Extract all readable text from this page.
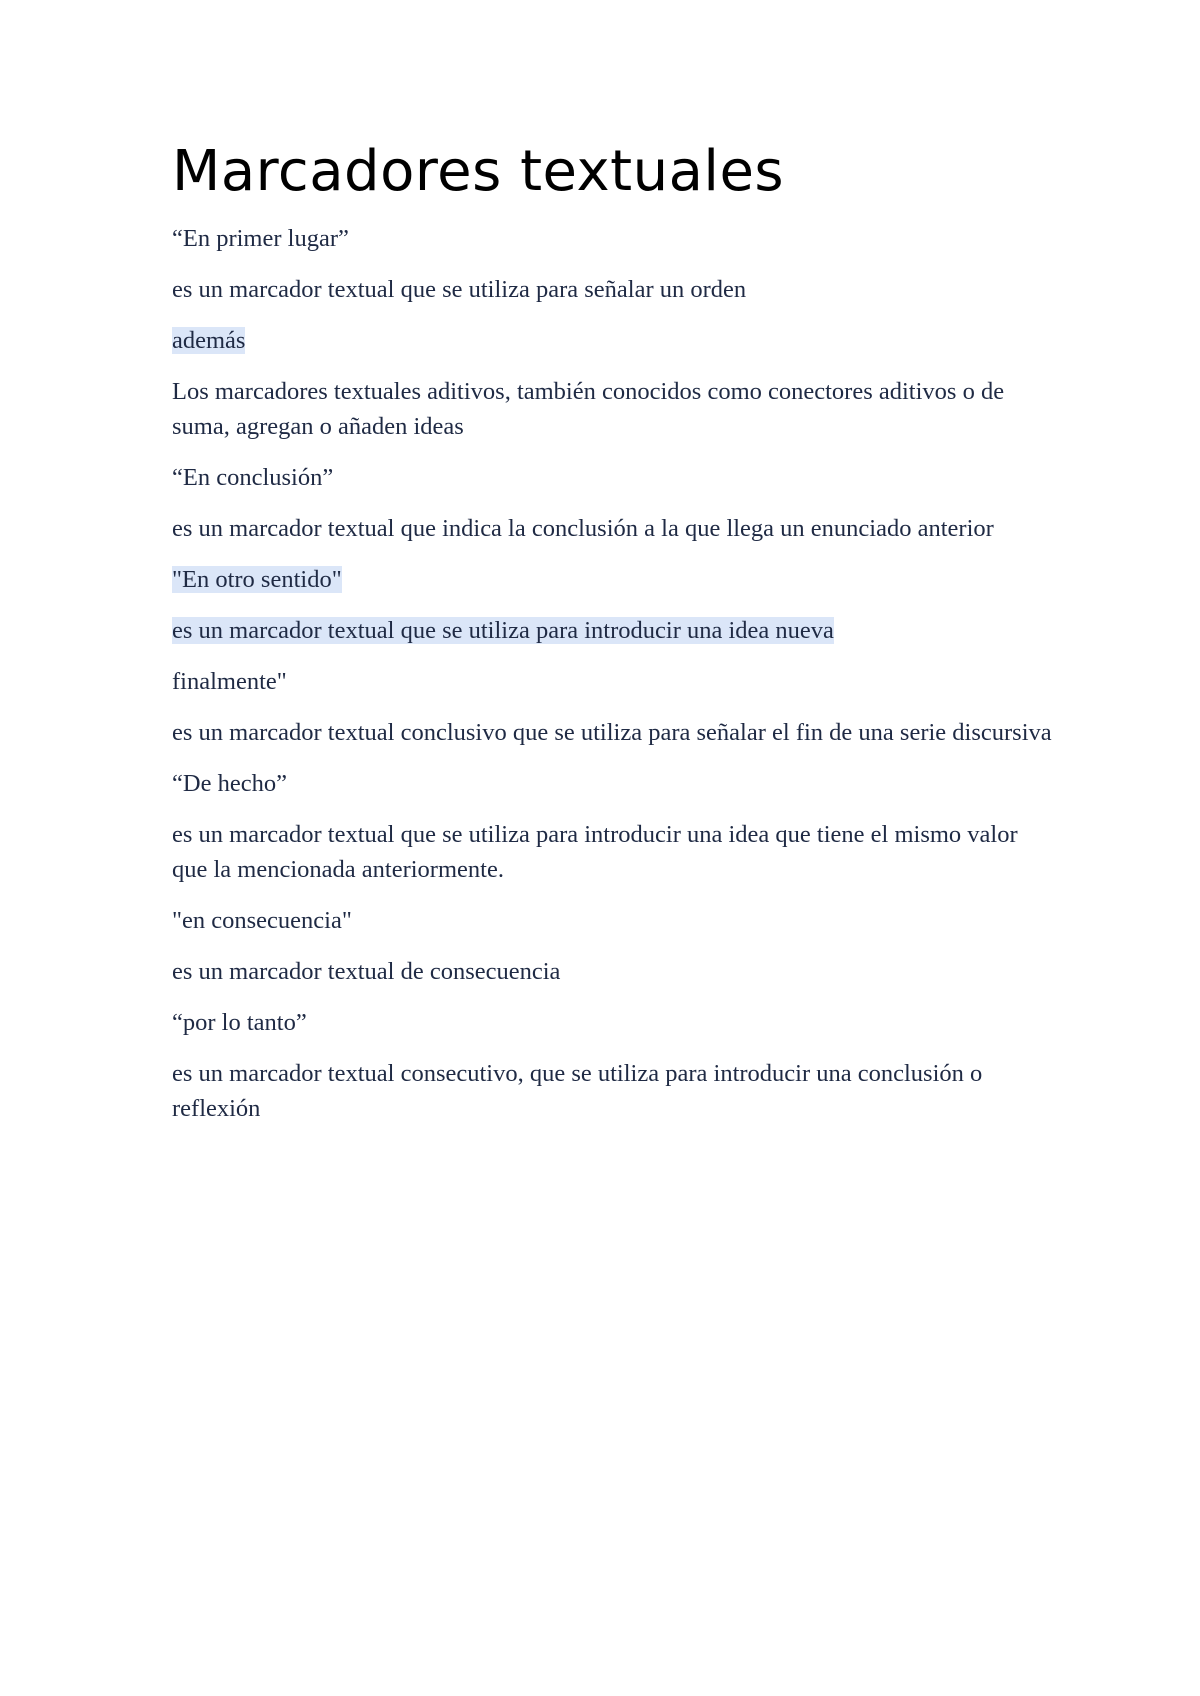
Marcadores textuales

“En primer lugar”

es un marcador textual que se utiliza para señalar un orden

además

Los marcadores textuales aditivos, también conocidos como conectores aditivos o de suma, agregan o añaden ideas

“En conclusión”

es un marcador textual que indica la conclusión a la que llega un enunciado anterior

"En otro sentido"

es un marcador textual que se utiliza para introducir una idea nueva

finalmente"

es un marcador textual conclusivo que se utiliza para señalar el fin de una serie discursiva

“De hecho”

es un marcador textual que se utiliza para introducir una idea que tiene el mismo valor que la mencionada anteriormente.

"en consecuencia"

es un marcador textual de consecuencia

“por lo tanto”

es un marcador textual consecutivo, que se utiliza para introducir una conclusión o reflexión
